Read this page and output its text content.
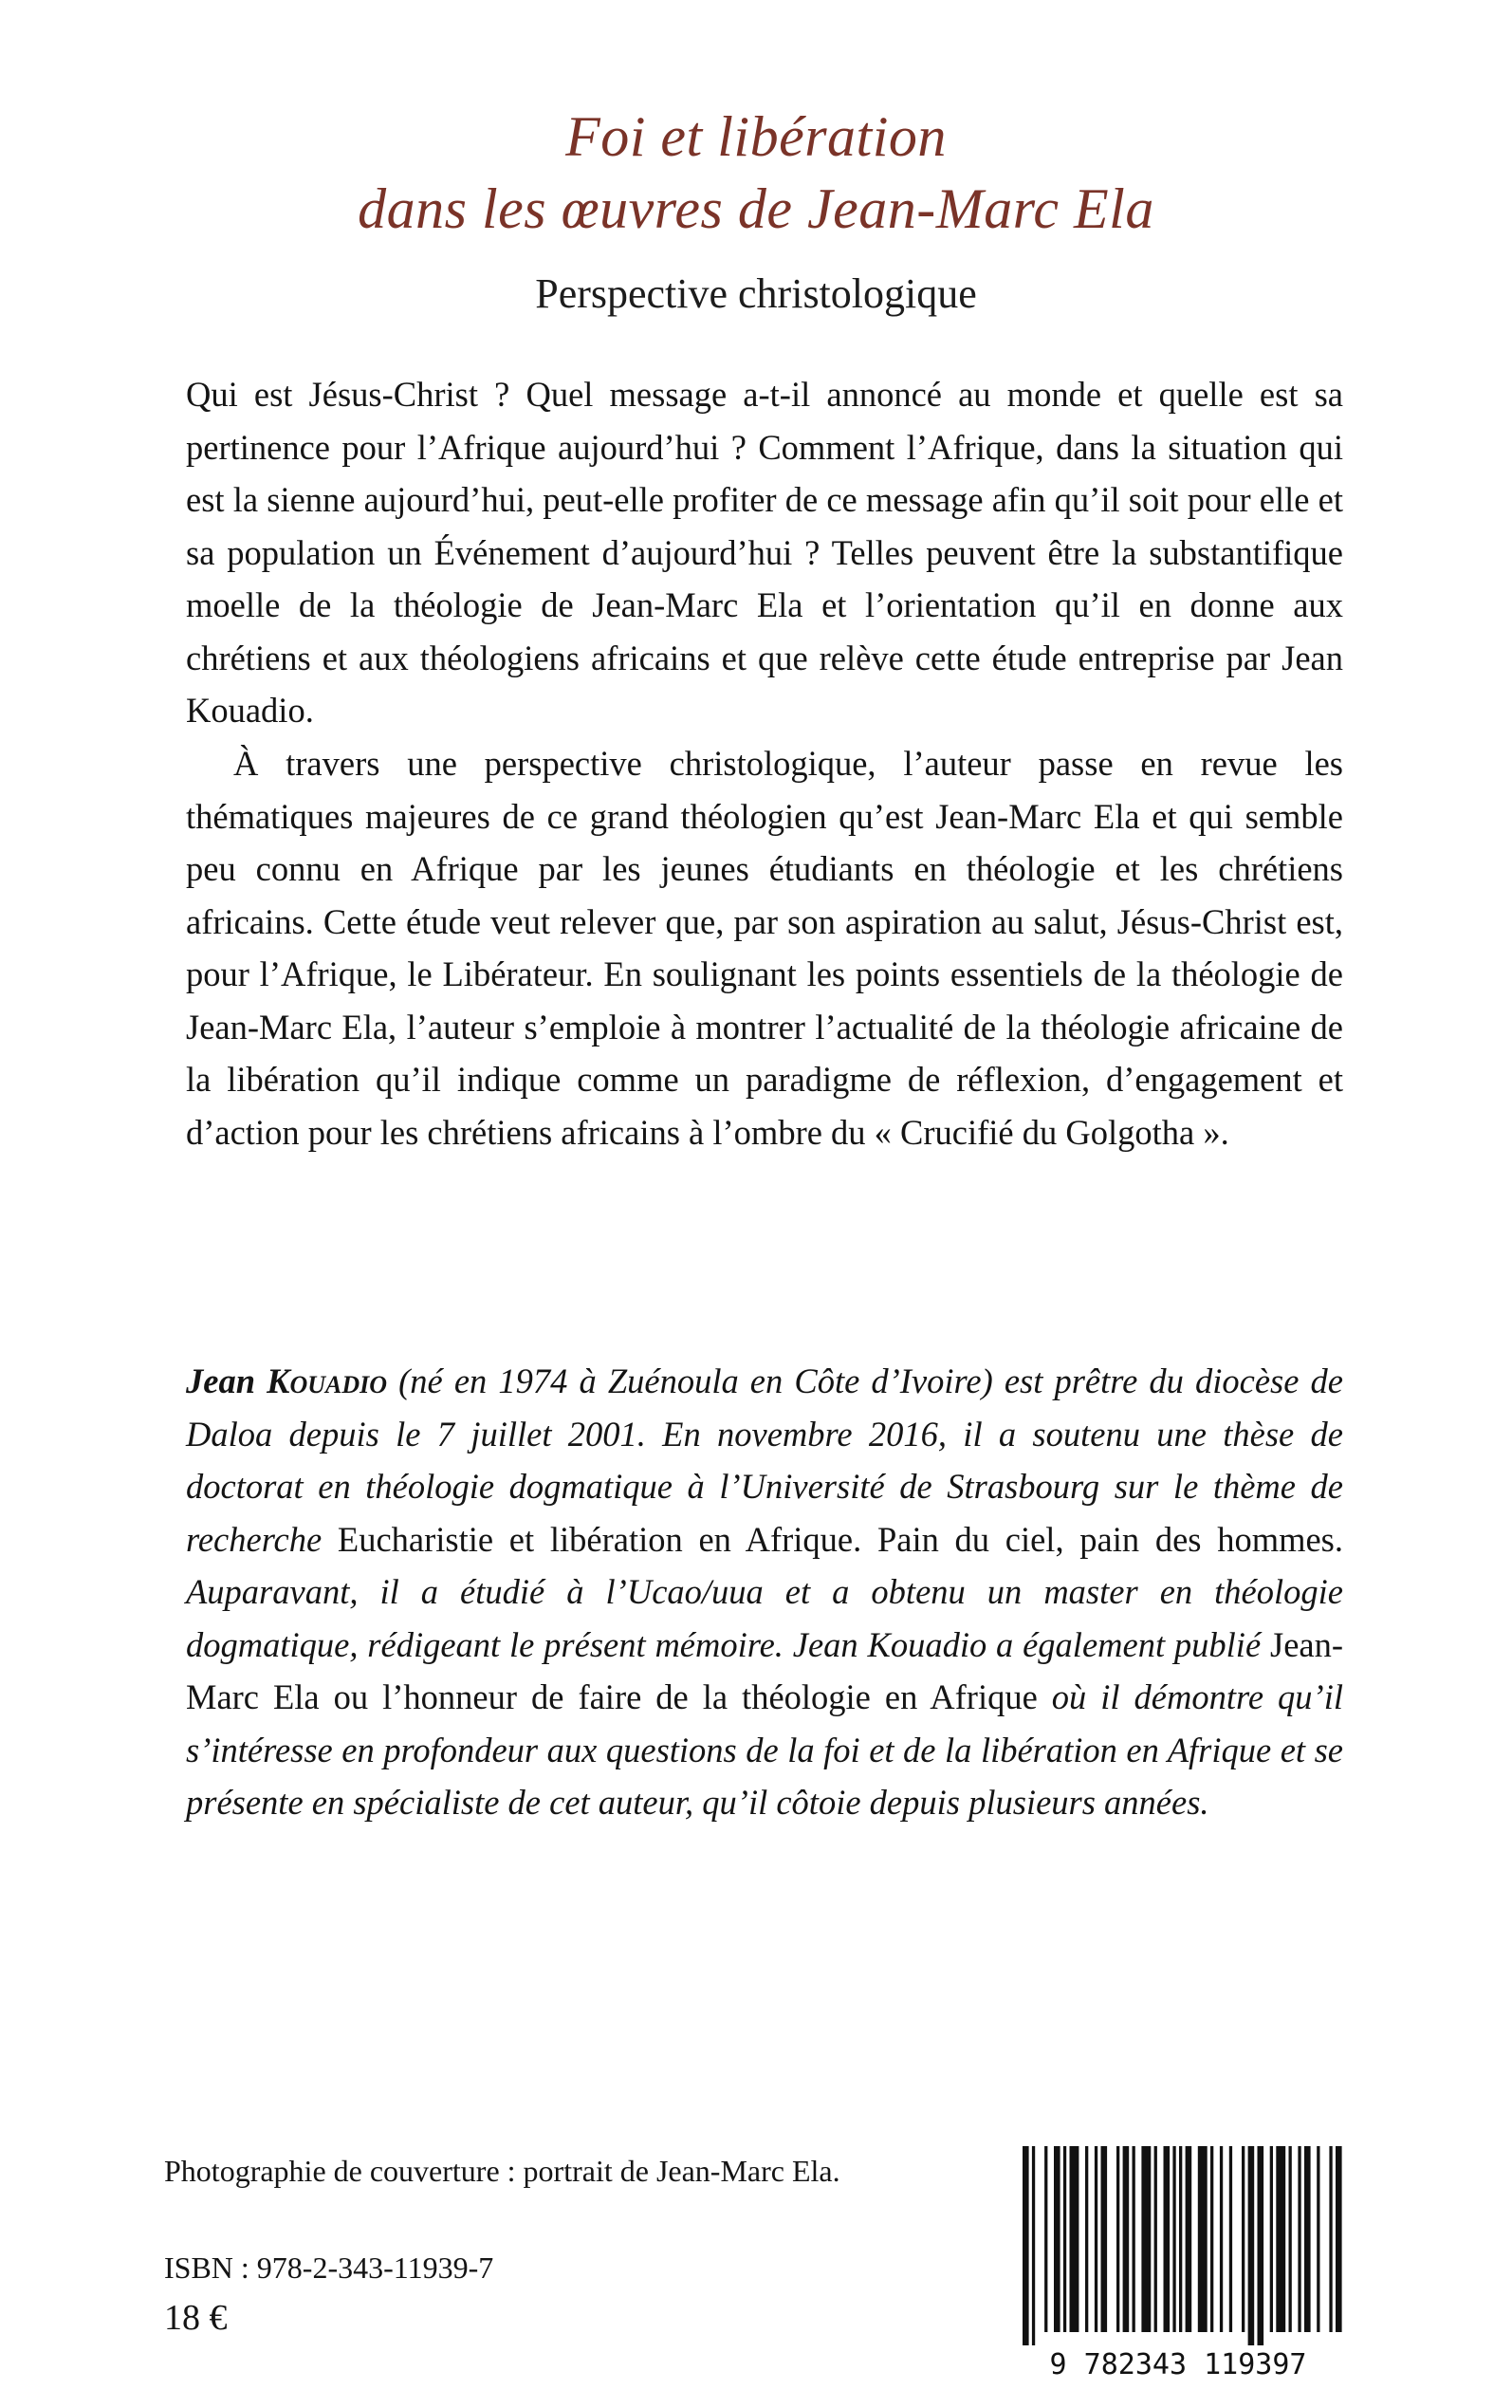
Foi et libération
dans les œuvres de Jean-Marc Ela
Perspective christologique

Qui est Jésus-Christ ? Quel message a-t-il annoncé au monde et quelle est sa pertinence pour l’Afrique aujourd’hui ? Comment l’Afrique, dans la situation qui est la sienne aujourd’hui, peut-elle profiter de ce message afin qu’il soit pour elle et sa population un Événement d’aujourd’hui ? Telles peuvent être la substantifique moelle de la théologie de Jean-Marc Ela et l’orientation qu’il en donne aux chrétiens et aux théologiens africains et que relève cette étude entreprise par Jean Kouadio.

À travers une perspective christologique, l’auteur passe en revue les thématiques majeures de ce grand théologien qu’est Jean-Marc Ela et qui semble peu connu en Afrique par les jeunes étudiants en théologie et les chrétiens africains. Cette étude veut relever que, par son aspiration au salut, Jésus-Christ est, pour l’Afrique, le Libérateur. En soulignant les points essentiels de la théologie de Jean-Marc Ela, l’auteur s’emploie à montrer l’actualité de la théologie africaine de la libération qu’il indique comme un paradigme de réflexion, d’engagement et d’action pour les chrétiens africains à l’ombre du « Crucifié du Golgotha ».

Jean Kouadio (né en 1974 à Zuénoula en Côte d’Ivoire) est prêtre du diocèse de Daloa depuis le 7 juillet 2001. En novembre 2016, il a soutenu une thèse de doctorat en théologie dogmatique à l’Université de Strasbourg sur le thème de recherche Eucharistie et libération en Afrique. Pain du ciel, pain des hommes. Auparavant, il a étudié à l’Ucao/uua et a obtenu un master en théologie dogmatique, rédigeant le présent mémoire. Jean Kouadio a également publié Jean-Marc Ela ou l’honneur de faire de la théologie en Afrique où il démontre qu’il s’intéresse en profondeur aux questions de la foi et de la libération en Afrique et se présente en spécialiste de cet auteur, qu’il côtoie depuis plusieurs années.

Photographie de couverture : portrait de Jean-Marc Ela.
ISBN : 978-2-343-11939-7
18 €
9 782343 119397
